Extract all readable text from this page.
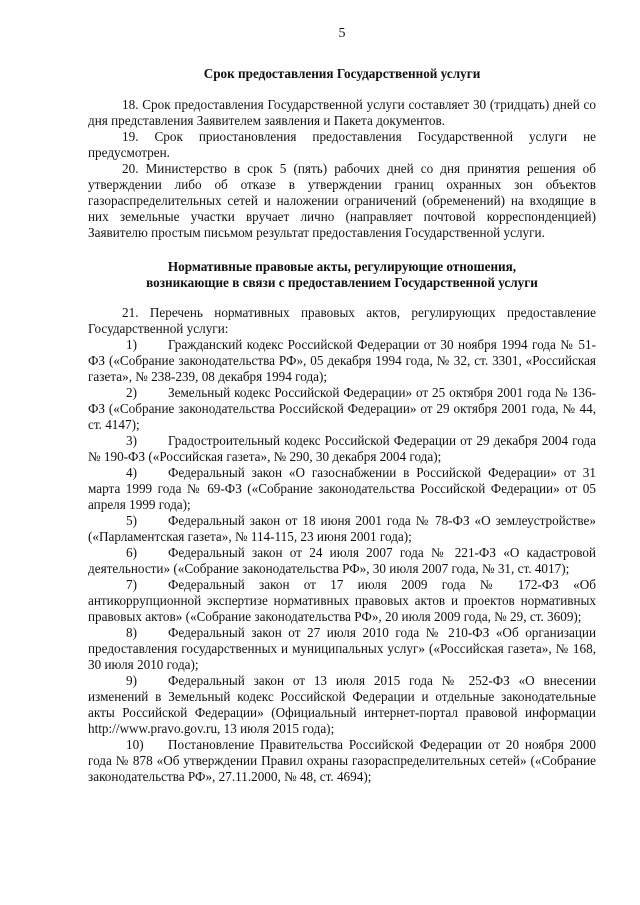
5
Срок предоставления Государственной услуги

18. Срок предоставления Государственной услуги составляет 30 (тридцать) дней со дня представления Заявителем заявления и Пакета документов.

19. Срок приостановления предоставления Государственной услуги не предусмотрен.

20. Министерство в срок 5 (пять) рабочих дней со дня принятия решения об утверждении либо об отказе в утверждении границ охранных зон объектов газораспределительных сетей и наложении ограничений (обременений) на входящие в них земельные участки вручает лично (направляет почтовой корреспонденцией) Заявителю простым письмом результат предоставления Государственной услуги.

Нормативные правовые акты, регулирующие отношения,
возникающие в связи с предоставлением Государственной услуги

21. Перечень нормативных правовых актов, регулирующих предоставление Государственной услуги:

1) Гражданский кодекс Российской Федерации от 30 ноября 1994 года № 51-ФЗ («Собрание законодательства РФ», 05 декабря 1994 года, № 32, ст. 3301, «Российская газета», № 238-239, 08 декабря 1994 года);
2) Земельный кодекс Российской Федерации» от 25 октября 2001 года № 136-ФЗ («Собрание законодательства Российской Федерации» от 29 октября 2001 года, № 44, ст. 4147);
3) Градостроительный кодекс Российской Федерации от 29 декабря 2004 года № 190-ФЗ («Российская газета», № 290, 30 декабря 2004 года);
4) Федеральный закон «О газоснабжении в Российской Федерации» от 31 марта 1999 года № 69-ФЗ («Собрание законодательства Российской Федерации» от 05 апреля 1999 года);
5) Федеральный закон от 18 июня 2001 года № 78-ФЗ «О землеустройстве» («Парламентская газета», № 114-115, 23 июня 2001 года);
6) Федеральный закон от 24 июля 2007 года № 221-ФЗ «О кадастровой деятельности» («Собрание законодательства РФ», 30 июля 2007 года, № 31, ст. 4017);
7) Федеральный закон от 17 июля 2009 года № 172-ФЗ «Об антикоррупционной экспертизе нормативных правовых актов и проектов нормативных правовых актов» («Собрание законодательства РФ», 20 июля 2009 года, № 29, ст. 3609);
8) Федеральный закон от 27 июля 2010 года № 210-ФЗ «Об организации предоставления государственных и муниципальных услуг» («Российская газета», № 168, 30 июля 2010 года);
9) Федеральный закон от 13 июля 2015 года № 252-ФЗ «О внесении изменений в Земельный кодекс Российской Федерации и отдельные законодательные акты Российской Федерации» (Официальный интернет-портал правовой информации http://www.pravo.gov.ru, 13 июля 2015 года);
10) Постановление Правительства Российской Федерации от 20 ноября 2000 года № 878 «Об утверждении Правил охраны газораспределительных сетей» («Собрание законодательства РФ», 27.11.2000, № 48, ст. 4694);
